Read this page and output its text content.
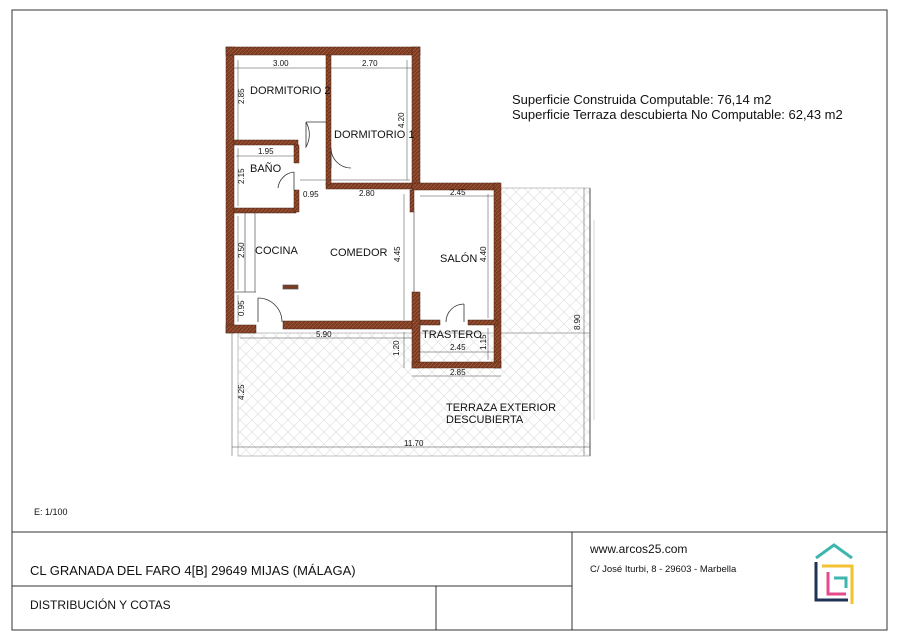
3.00	2.70
2.85
4.20
1.95
2.15
0.95	2.80	2.45
2.50	4.45	4.40
0.95
5.90
1.20	1.15
2.45
2.85
8.90
4.25
11.70
DORMITORIO 2
DORMITORIO 1
BAÑO
COCINA	COMEDOR	SALÓN
TRASTERO
TERRAZA EXTERIOR
DESCUBIERTA
Superficie Construida Computable: 76,14 m2
Superficie Terraza descubierta No Computable: 62,43 m2
E: 1/100
CL GRANADA DEL FARO 4[B] 29649 MIJAS (MÁLAGA)
DISTRIBUCIÓN Y COTAS
www.arcos25.com
C/ José Iturbi, 8 - 29603 - Marbella
